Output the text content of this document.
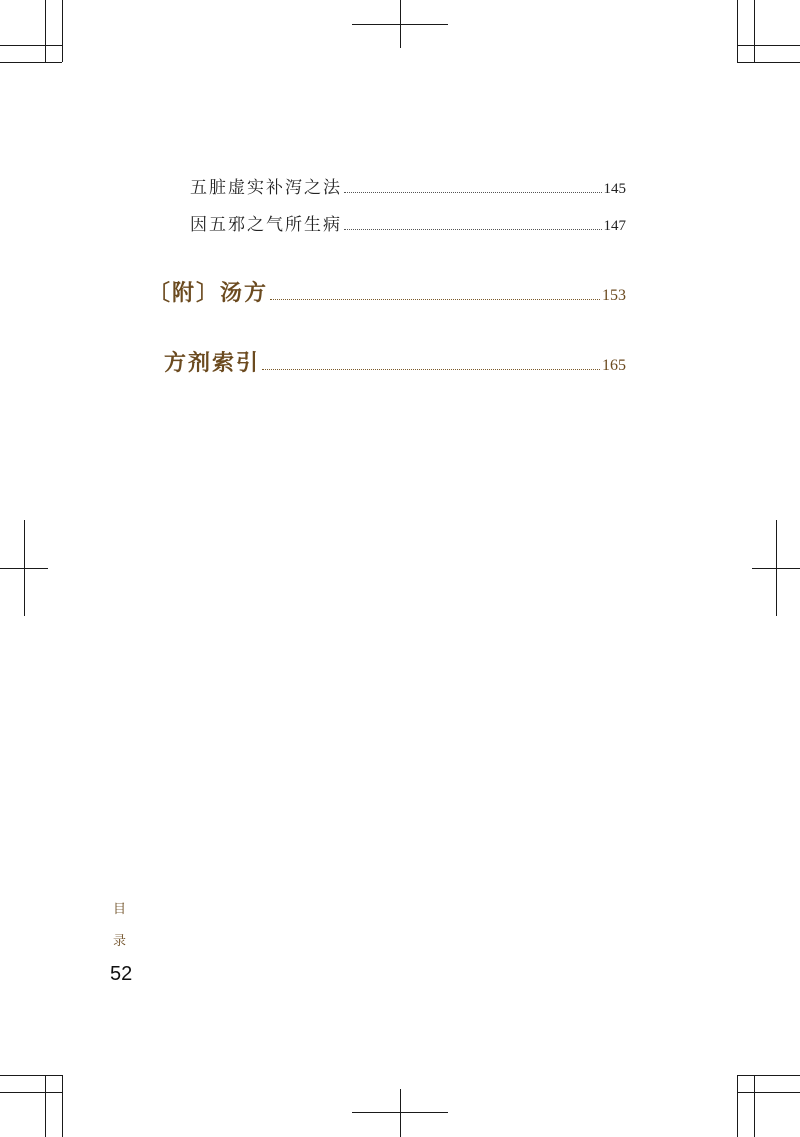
五脏虚实补泻之法	145
因五邪之气所生病	147
〔附〕汤方	153
方剂索引	165
目
录
52
